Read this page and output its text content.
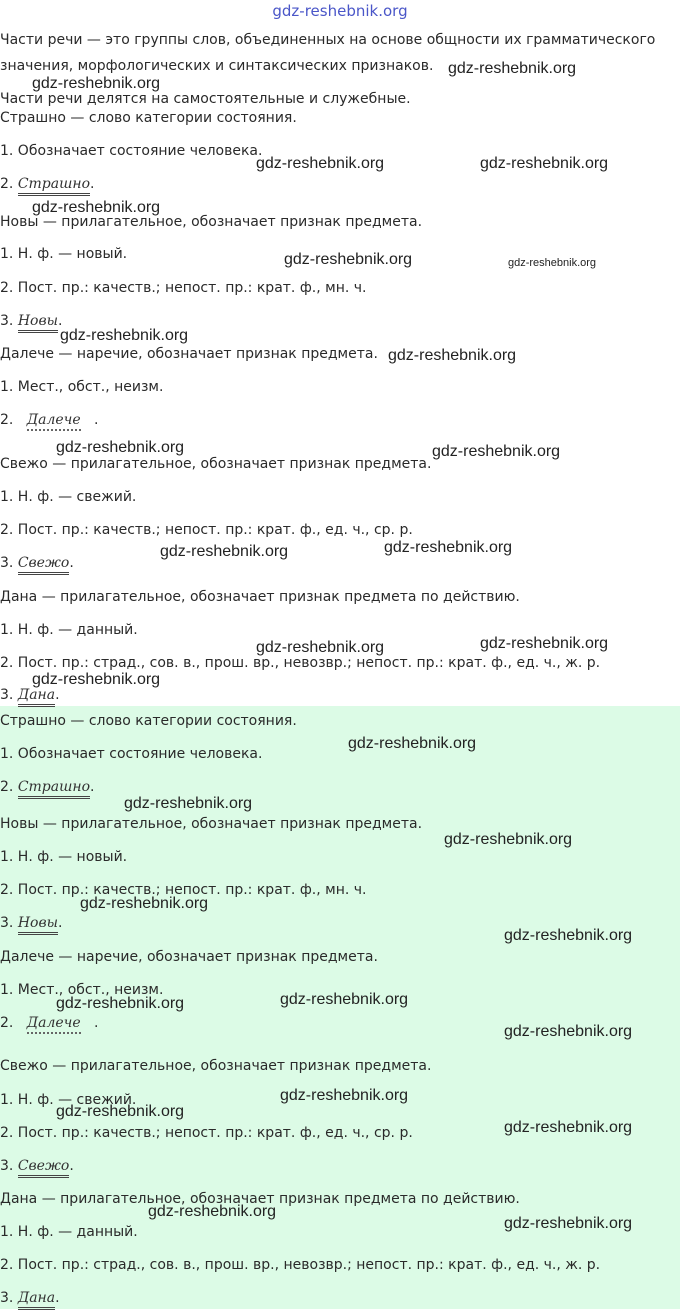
gdz-reshebnik.org
Части речи — это группы слов, объединенных на основе общности их грамматического
значения, морфологических и синтаксических признаков.
Части речи делятся на самостоятельные и служебные.
Страшно — слово категории состояния.
1. Обозначает состояние человека.
2. Страшно.
Новы — прилагательное, обозначает признак предмета.
1. Н. ф. — новый.
2. Пост. пр.: качеств.; непост. пр.: крат. ф., мн. ч.
3. Новы.
Далече — наречие, обозначает признак предмета.
1. Мест., обст., неизм.
2. Далече   .
Свежо — прилагательное, обозначает признак предмета.
1. Н. ф. — свежий.
2. Пост. пр.: качеств.; непост. пр.: крат. ф., ед. ч., ср. р.
3. Свежо.
Дана — прилагательное, обозначает признак предмета по действию.
1. Н. ф. — данный.
2. Пост. пр.: страд., сов. в., прош. вр., невозвр.; непост. пр.: крат. ф., ед. ч., ж. р.
3. Дана.
Страшно — слово категории состояния.
1. Обозначает состояние человека.
2. Страшно.
Новы — прилагательное, обозначает признак предмета.
1. Н. ф. — новый.
2. Пост. пр.: качеств.; непост. пр.: крат. ф., мн. ч.
3. Новы.
Далече — наречие, обозначает признак предмета.
1. Мест., обст., неизм.
2. Далече   .
Свежо — прилагательное, обозначает признак предмета.
1. Н. ф. — свежий.
2. Пост. пр.: качеств.; непост. пр.: крат. ф., ед. ч., ср. р.
3. Свежо.
Дана — прилагательное, обозначает признак предмета по действию.
1. Н. ф. — данный.
2. Пост. пр.: страд., сов. в., прош. вр., невозвр.; непост. пр.: крат. ф., ед. ч., ж. р.
3. Дана.
gdz-reshebnik.org
gdz-reshebnik.org
gdz-reshebnik.org	gdz-reshebnik.org
gdz-reshebnik.org
gdz-reshebnik.org	gdz-reshebnik.org
gdz-reshebnik.org
gdz-reshebnik.org
gdz-reshebnik.org	gdz-reshebnik.org
gdz-reshebnik.org	gdz-reshebnik.org
gdz-reshebnik.org	gdz-reshebnik.org
gdz-reshebnik.org
gdz-reshebnik.org
gdz-reshebnik.org
gdz-reshebnik.org
gdz-reshebnik.org
gdz-reshebnik.org
gdz-reshebnik.org	gdz-reshebnik.org
gdz-reshebnik.org
gdz-reshebnik.org
gdz-reshebnik.org
gdz-reshebnik.org
gdz-reshebnik.org
gdz-reshebnik.org
